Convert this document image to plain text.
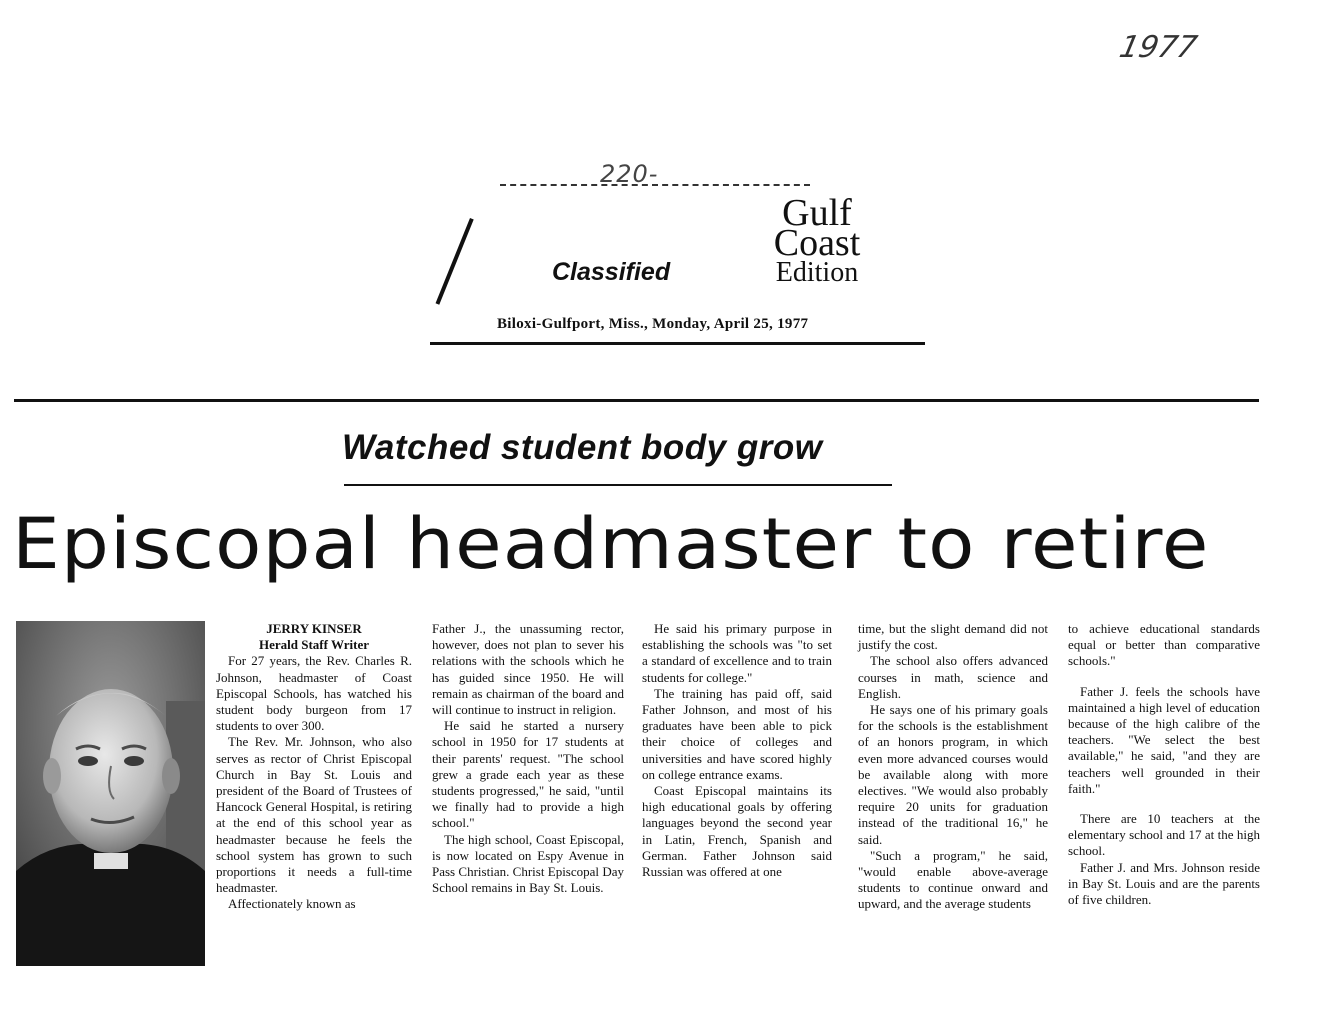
1977
220-
Classified
Gulf
Coast
Edition
Biloxi-Gulfport, Miss., Monday, April 25, 1977
Watched student body grow
Episcopal headmaster to retire

JERRY KINSER

Herald Staff Writer

For 27 years, the Rev. Charles R. Johnson, headmaster of Coast Episcopal Schools, has watched his student body burgeon from 17 students to over 300.

The Rev. Mr. Johnson, who also serves as rector of Christ Episcopal Church in Bay St. Louis and president of the Board of Trustees of Hancock General Hospital, is retiring at the end of this school year as headmaster because he feels the school system has grown to such proportions it needs a full-time headmaster.

Affectionately known as

Father J., the unassuming rector, however, does not plan to sever his relations with the schools which he has guided since 1950. He will remain as chairman of the board and will continue to instruct in religion.

He said he started a nursery school in 1950 for 17 students at their parents' request. "The school grew a grade each year as these students progressed," he said, "until we finally had to provide a high school."

The high school, Coast Episcopal, is now located on Espy Avenue in Pass Christian. Christ Episcopal Day School remains in Bay St. Louis.

He said his primary purpose in establishing the schools was "to set a standard of excellence and to train students for college."

The training has paid off, said Father Johnson, and most of his graduates have been able to pick their choice of colleges and universities and have scored highly on college entrance exams.

Coast Episcopal maintains its high educational goals by offering languages beyond the second year in Latin, French, Spanish and German. Father Johnson said Russian was offered at one

time, but the slight demand did not justify the cost.

The school also offers advanced courses in math, science and English.

He says one of his primary goals for the schools is the establishment of an honors program, in which even more advanced courses would be available along with more electives. "We would also probably require 20 units for graduation instead of the traditional 16," he said.

"Such a program," he said, "would enable above-average students to continue onward and upward, and the average students

to achieve educational standards equal or better than comparative schools."

Father J. feels the schools have maintained a high level of education because of the high calibre of the teachers. "We select the best available," he said, "and they are teachers well grounded in their faith."

There are 10 teachers at the elementary school and 17 at the high school.

Father J. and Mrs. Johnson reside in Bay St. Louis and are the parents of five children.
